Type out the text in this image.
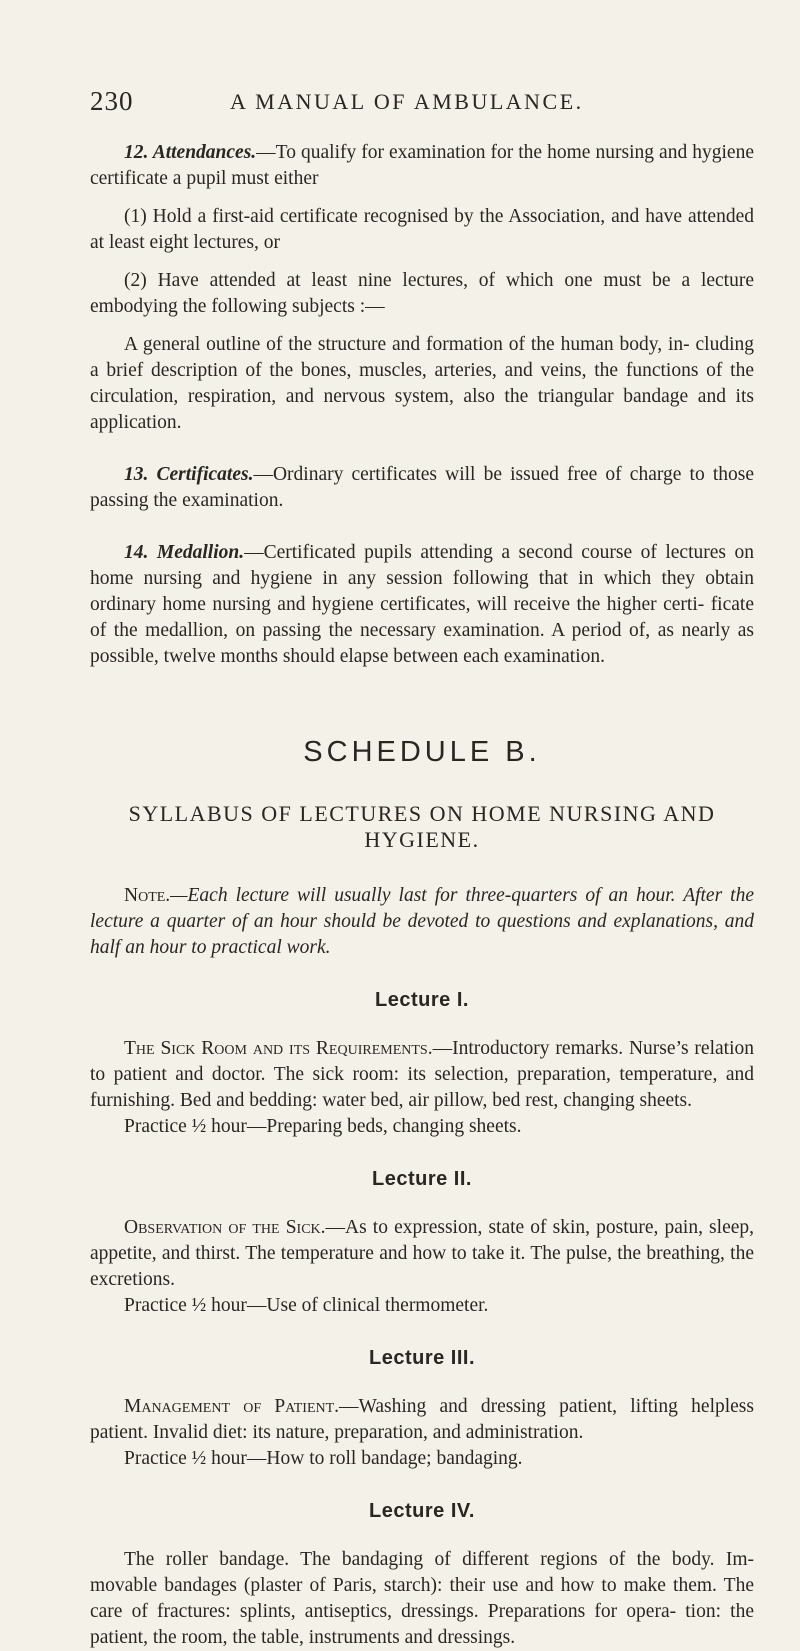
230	A MANUAL OF AMBULANCE.

12. Attendances.—To qualify for examination for the home nursing and hygiene certificate a pupil must either

(1) Hold a first-aid certificate recognised by the Association, and have attended at least eight lectures, or

(2) Have attended at least nine lectures, of which one must be a lecture embodying the following subjects :—

A general outline of the structure and formation of the human body, in- cluding a brief description of the bones, muscles, arteries, and veins, the functions of the circulation, respiration, and nervous system, also the triangular bandage and its application.

13. Certificates.—Ordinary certificates will be issued free of charge to those passing the examination.

14. Medallion.—Certificated pupils attending a second course of lectures on home nursing and hygiene in any session following that in which they obtain ordinary home nursing and hygiene certificates, will receive the higher certi- ficate of the medallion, on passing the necessary examination. A period of, as nearly as possible, twelve months should elapse between each examination.

SCHEDULE B.
SYLLABUS OF LECTURES ON HOME NURSING AND HYGIENE.

Note.—Each lecture will usually last for three-quarters of an hour. After the lecture a quarter of an hour should be devoted to questions and explanations, and half an hour to practical work.

Lecture I.

The Sick Room and its Requirements.—Introductory remarks. Nurse’s relation to patient and doctor. The sick room: its selection, preparation, temperature, and furnishing. Bed and bedding: water bed, air pillow, bed rest, changing sheets.

Practice ½ hour—Preparing beds, changing sheets.

Lecture II.

Observation of the Sick.—As to expression, state of skin, posture, pain, sleep, appetite, and thirst. The temperature and how to take it. The pulse, the breathing, the excretions.

Practice ½ hour—Use of clinical thermometer.

Lecture III.

Management of Patient.—Washing and dressing patient, lifting helpless patient. Invalid diet: its nature, preparation, and administration.

Practice ½ hour—How to roll bandage; bandaging.

Lecture IV.

The roller bandage. The bandaging of different regions of the body. Im- movable bandages (plaster of Paris, starch): their use and how to make them. The care of fractures: splints, antiseptics, dressings. Preparations for opera- tion: the patient, the room, the table, instruments and dressings.
